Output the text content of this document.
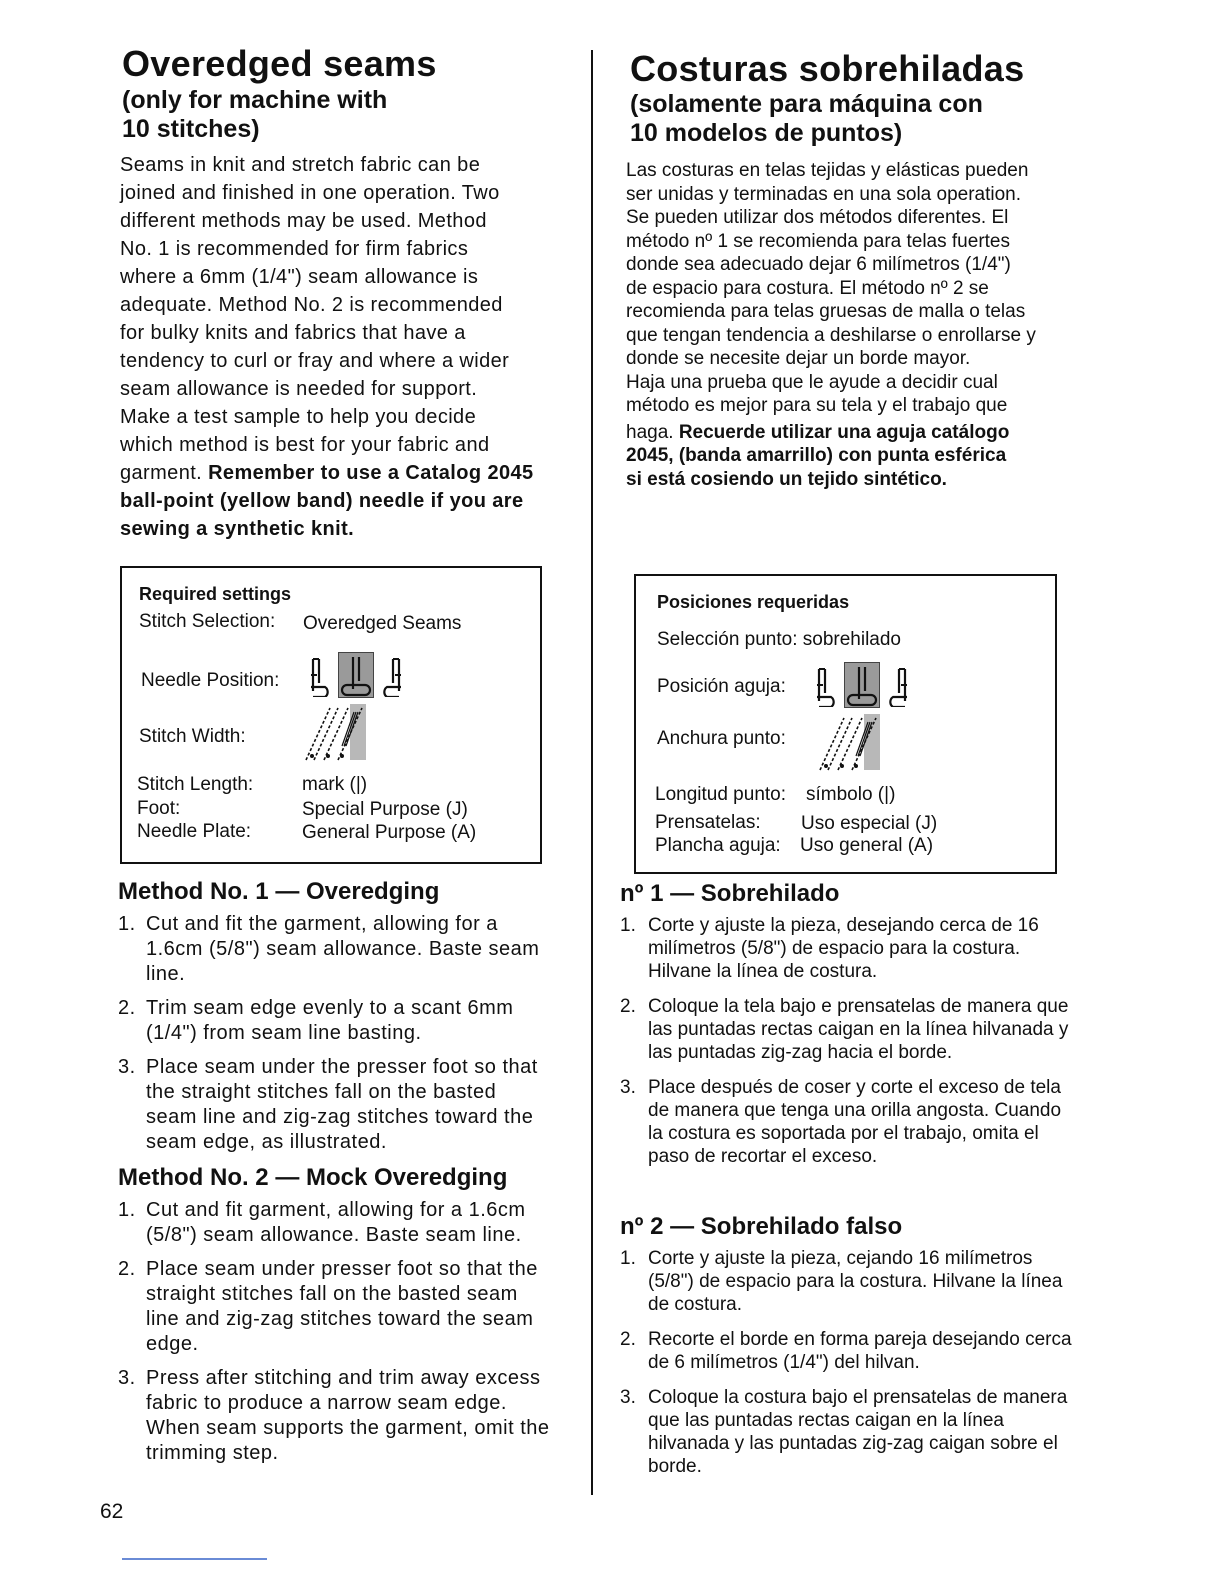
Overedged seams
(only for machine with
10 stitches)
Seams in knit and stretch fabric can be
joined and finished in one operation. Two
different methods may be used. Method
No. 1 is recommended for firm fabrics
where a 6mm (1/4") seam allowance is
adequate. Method No. 2 is recommended
for bulky knits and fabrics that have a
tendency to curl or fray and where a wider
seam allowance is needed for support.
Make a test sample to help you decide
which method is best for your fabric and
garment. Remember to use a Catalog 2045
ball-point (yellow band) needle if you are
sewing a synthetic knit.
Required settings
Stitch Selection: Overedged Seams
Needle Position:
Stitch Width:
Stitch Length:	mark (|)
Foot:	Special Purpose (J)
Needle Plate:	General Purpose (A)
Method No. 1 — Overedging
1. Cut and fit the garment, allowing for a 1.6cm (5/8") seam allowance. Baste seam line.
2. Trim seam edge evenly to a scant 6mm (1/4") from seam line basting.
3. Place seam under the presser foot so that the straight stitches fall on the basted seam line and zig-zag stitches toward the seam edge, as illustrated.
Method No. 2 — Mock Overedging
1. Cut and fit garment, allowing for a 1.6cm (5/8") seam allowance. Baste seam line.
2. Place seam under presser foot so that the straight stitches fall on the basted seam line and zig-zag stitches toward the seam edge.
3. Press after stitching and trim away excess fabric to produce a narrow seam edge. When seam supports the garment, omit the trimming step.
62
Costuras sobrehiladas
(solamente para máquina con
10 modelos de puntos)
Las costuras en telas tejidas y elásticas pueden
ser unidas y terminadas en una sola operation.
Se pueden utilizar dos métodos diferentes. El
método nº 1 se recomienda para telas fuertes
donde sea adecuado dejar 6 milímetros (1/4")
de espacio para costura. El método nº 2 se
recomienda para telas gruesas de malla o telas
que tengan tendencia a deshilarse o enrollarse y
donde se necesite dejar un borde mayor.
Haja una prueba que le ayude a decidir cual
método es mejor para su tela y el trabajo que
haga. Recuerde utilizar una aguja catálogo
2045, (banda amarrillo) con punta esférica
si está cosiendo un tejido sintético.
Posiciones requeridas
Selección punto: sobrehilado
Posición aguja:
Anchura punto:
Longitud punto: símbolo (|)
Prensatelas: Uso especial (J)
Plancha aguja: Uso general (A)
nº 1 — Sobrehilado
1. Corte y ajuste la pieza, desejando cerca de 16 milímetros (5/8") de espacio para la costura. Hilvane la línea de costura.
2. Coloque la tela bajo e prensatelas de manera que las puntadas rectas caigan en la línea hilvanada y las puntadas zig-zag hacia el borde.
3. Place después de coser y corte el exceso de tela de manera que tenga una orilla angosta. Cuando la costura es soportada por el trabajo, omita el paso de recortar el exceso.
nº 2 — Sobrehilado falso
1. Corte y ajuste la pieza, cejando 16 milímetros (5/8") de espacio para la costura. Hilvane la línea de costura.
2. Recorte el borde en forma pareja desejando cerca de 6 milímetros (1/4") del hilvan.
3. Coloque la costura bajo el prensatelas de manera que las puntadas rectas caigan en la línea hilvanada y las puntadas zig-zag caigan sobre el borde.
